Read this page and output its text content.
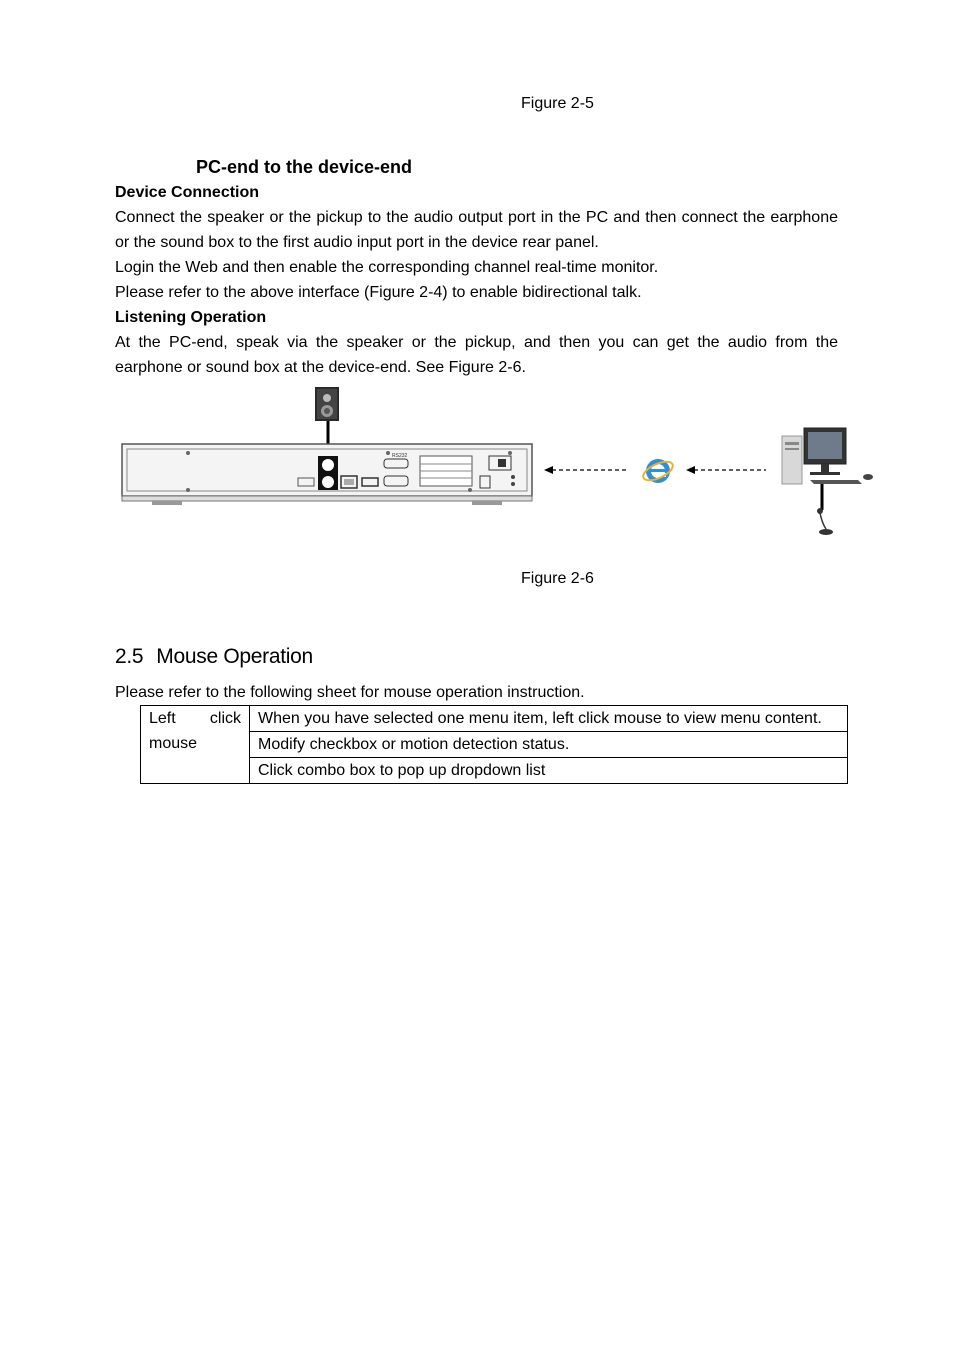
Figure 2-5
PC-end to the device-end
Device Connection
Connect the speaker or the pickup to the audio output port in the PC and then connect the earphone or the sound box to the first audio input port in the device rear panel.
Login the Web and then enable the corresponding channel real-time monitor.
Please refer to the above interface (Figure 2-4) to enable bidirectional talk.
Listening Operation
At the PC-end, speak via the speaker or the pickup, and then you can get the audio from the earphone or sound box at the device-end. See Figure 2-6.
RS232
Figure 2-6
2.5 Mouse Operation
Please refer to the following sheet for mouse operation instruction.
Left click
mouse
	When you have selected one menu item, left click mouse to view menu content.
Modify checkbox or motion detection status.
Click combo box to pop up dropdown list
